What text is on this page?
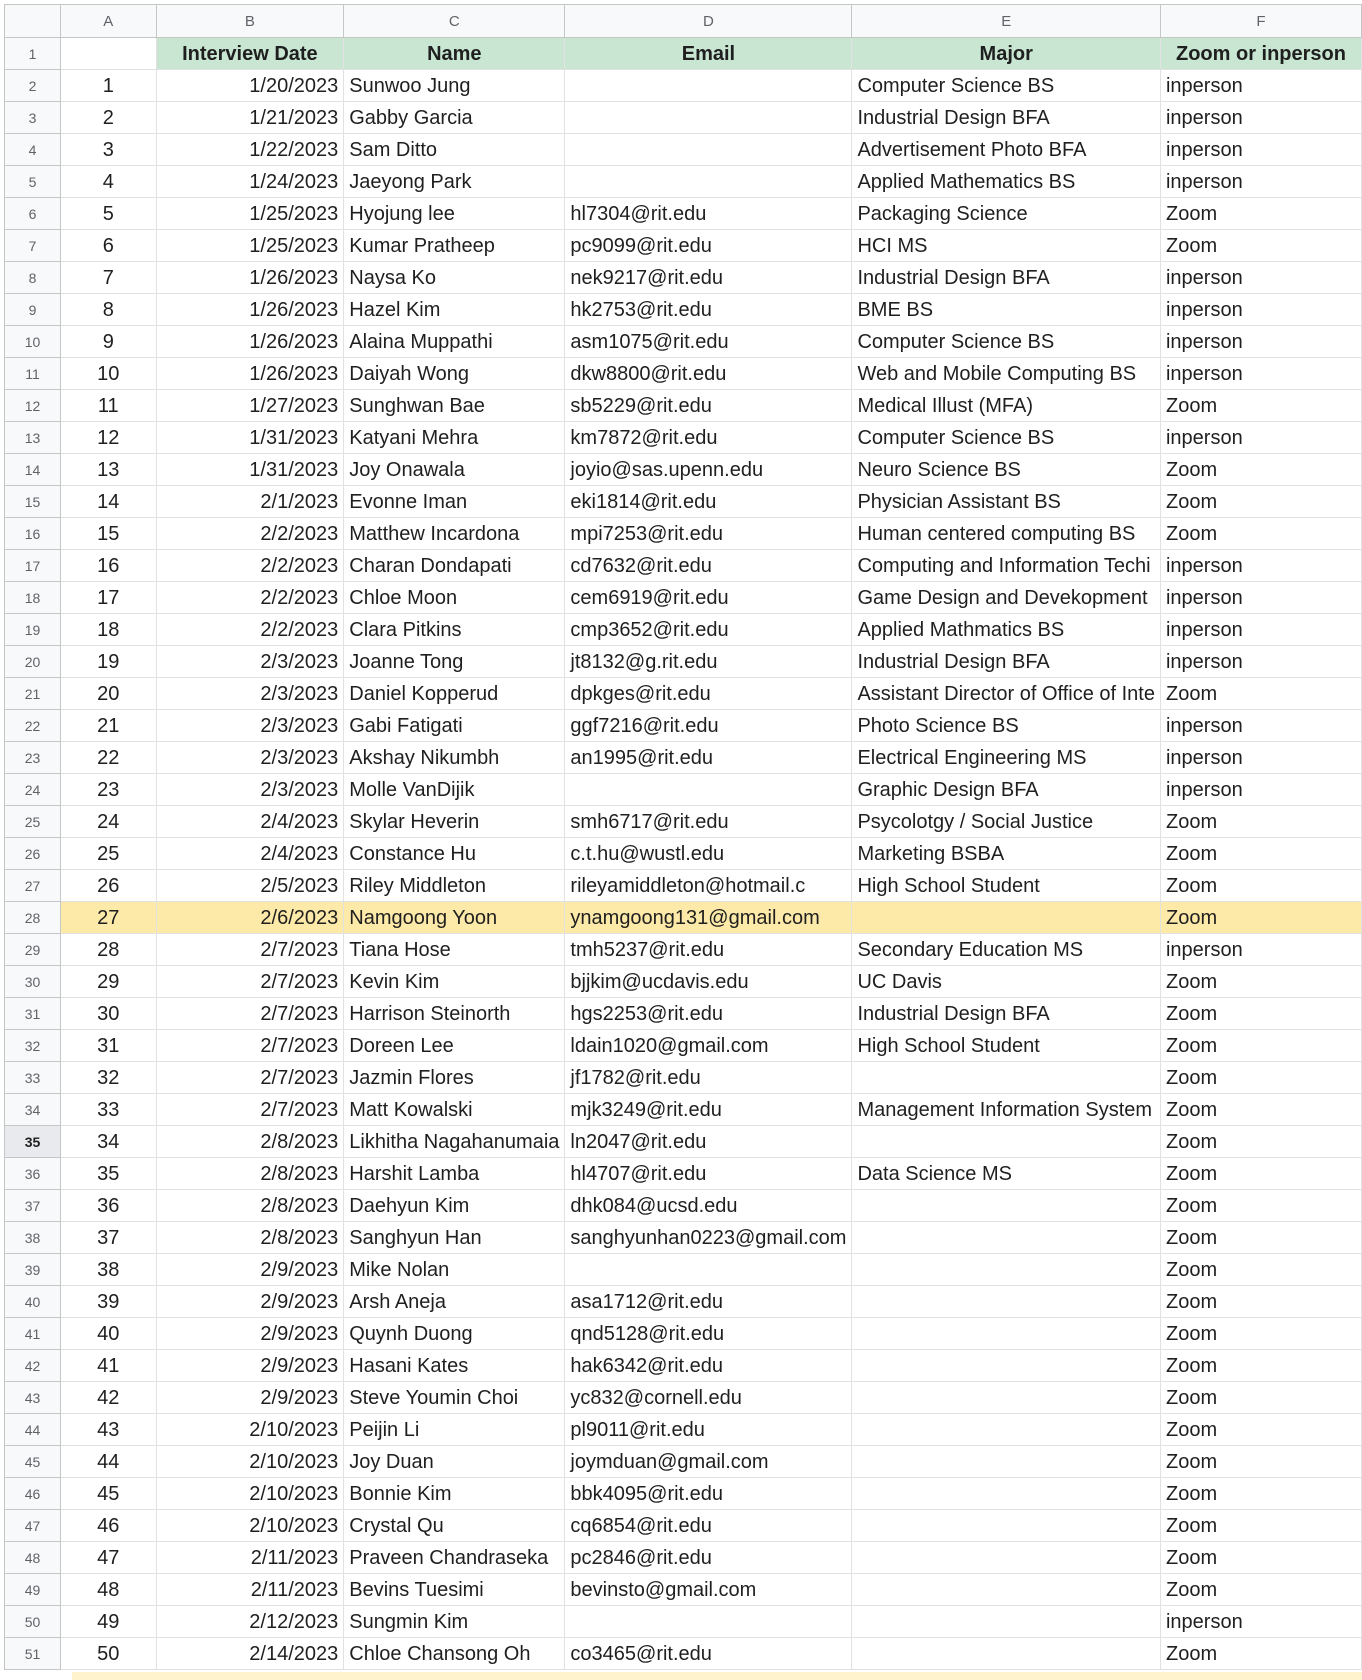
	A	B	C	D	E	F
1		Interview Date	Name	Email	Major	Zoom or inperson
2	1	1/20/2023	Sunwoo Jung		Computer Science BS	inperson
3	2	1/21/2023	Gabby Garcia		Industrial Design BFA	inperson
4	3	1/22/2023	Sam Ditto		Advertisement Photo BFA	inperson
5	4	1/24/2023	Jaeyong Park		Applied Mathematics BS	inperson
6	5	1/25/2023	Hyojung lee	hl7304@rit.edu	Packaging Science	Zoom
7	6	1/25/2023	Kumar Pratheep	pc9099@rit.edu	HCI MS	Zoom
8	7	1/26/2023	Naysa Ko	nek9217@rit.edu	Industrial Design BFA	inperson
9	8	1/26/2023	Hazel Kim	hk2753@rit.edu	BME BS	inperson
10	9	1/26/2023	Alaina Muppathi	asm1075@rit.edu	Computer Science BS	inperson
11	10	1/26/2023	Daiyah Wong	dkw8800@rit.edu	Web and Mobile Computing BS	inperson
12	11	1/27/2023	Sunghwan Bae	sb5229@rit.edu	Medical Illust (MFA)	Zoom
13	12	1/31/2023	Katyani Mehra	km7872@rit.edu	Computer Science BS	inperson
14	13	1/31/2023	Joy Onawala	joyio@sas.upenn.edu	Neuro Science BS	Zoom
15	14	2/1/2023	Evonne Iman	eki1814@rit.edu	Physician Assistant BS	Zoom
16	15	2/2/2023	Matthew Incardona	mpi7253@rit.edu	Human centered computing BS	Zoom
17	16	2/2/2023	Charan Dondapati	cd7632@rit.edu	Computing and Information Techi	inperson
18	17	2/2/2023	Chloe Moon	cem6919@rit.edu	Game Design and Devekopment	inperson
19	18	2/2/2023	Clara Pitkins	cmp3652@rit.edu	Applied Mathmatics BS	inperson
20	19	2/3/2023	Joanne Tong	jt8132@g.rit.edu	Industrial Design BFA	inperson
21	20	2/3/2023	Daniel Kopperud	dpkges@rit.edu	Assistant Director of Office of Inte	Zoom
22	21	2/3/2023	Gabi Fatigati	ggf7216@rit.edu	Photo Science BS	inperson
23	22	2/3/2023	Akshay Nikumbh	an1995@rit.edu	Electrical Engineering MS	inperson
24	23	2/3/2023	Molle VanDijik		Graphic Design BFA	inperson
25	24	2/4/2023	Skylar Heverin	smh6717@rit.edu	Psycolotgy / Social Justice	Zoom
26	25	2/4/2023	Constance Hu	c.t.hu@wustl.edu	Marketing BSBA	Zoom
27	26	2/5/2023	Riley Middleton	rileyamiddleton@hotmail.c	High School Student	Zoom
28	27	2/6/2023	Namgoong Yoon	ynamgoong131@gmail.com		Zoom
29	28	2/7/2023	Tiana Hose	tmh5237@rit.edu	Secondary Education MS	inperson
30	29	2/7/2023	Kevin Kim	bjjkim@ucdavis.edu	UC Davis	Zoom
31	30	2/7/2023	Harrison Steinorth	hgs2253@rit.edu	Industrial Design BFA	Zoom
32	31	2/7/2023	Doreen Lee	ldain1020@gmail.com	High School Student	Zoom
33	32	2/7/2023	Jazmin Flores	jf1782@rit.edu		Zoom
34	33	2/7/2023	Matt Kowalski	mjk3249@rit.edu	Management Information System	Zoom
35	34	2/8/2023	Likhitha Nagahanumaia	ln2047@rit.edu		Zoom
36	35	2/8/2023	Harshit Lamba	hl4707@rit.edu	Data Science MS	Zoom
37	36	2/8/2023	Daehyun Kim	dhk084@ucsd.edu		Zoom
38	37	2/8/2023	Sanghyun Han	sanghyunhan0223@gmail.com		Zoom
39	38	2/9/2023	Mike Nolan			Zoom
40	39	2/9/2023	Arsh Aneja	asa1712@rit.edu		Zoom
41	40	2/9/2023	Quynh Duong	qnd5128@rit.edu		Zoom
42	41	2/9/2023	Hasani Kates	hak6342@rit.edu		Zoom
43	42	2/9/2023	Steve Youmin Choi	yc832@cornell.edu		Zoom
44	43	2/10/2023	Peijin Li	pl9011@rit.edu		Zoom
45	44	2/10/2023	Joy Duan	joymduan@gmail.com		Zoom
46	45	2/10/2023	Bonnie Kim	bbk4095@rit.edu		Zoom
47	46	2/10/2023	Crystal Qu	cq6854@rit.edu		Zoom
48	47	2/11/2023	Praveen Chandraseka	pc2846@rit.edu		Zoom
49	48	2/11/2023	Bevins Tuesimi	bevinsto@gmail.com		Zoom
50	49	2/12/2023	Sungmin Kim			inperson
51	50	2/14/2023	Chloe Chansong Oh	co3465@rit.edu		Zoom
